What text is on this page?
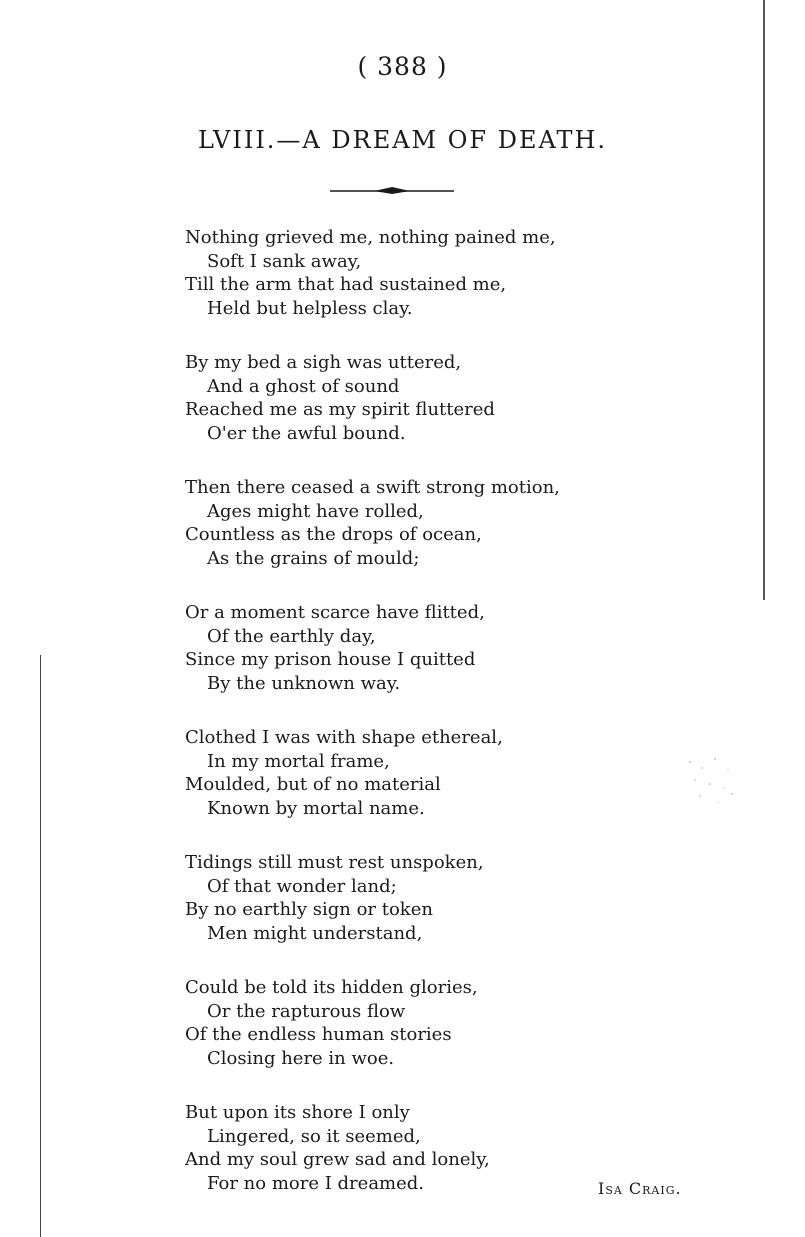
( 388 )
LVIII.—A DREAM OF DEATH.
Nothing grieved me, nothing pained me,
Soft I sank away,
Till the arm that had sustained me,
Held but helpless clay.
By my bed a sigh was uttered,
And a ghost of sound
Reached me as my spirit fluttered
O'er the awful bound.
Then there ceased a swift strong motion,
Ages might have rolled,
Countless as the drops of ocean,
As the grains of mould;
Or a moment scarce have flitted,
Of the earthly day,
Since my prison house I quitted
By the unknown way.
Clothed I was with shape ethereal,
In my mortal frame,
Moulded, but of no material
Known by mortal name.
Tidings still must rest unspoken,
Of that wonder land;
By no earthly sign or token
Men might understand,
Could be told its hidden glories,
Or the rapturous flow
Of the endless human stories
Closing here in woe.
But upon its shore I only
Lingered, so it seemed,
And my soul grew sad and lonely,
For no more I dreamed.	Isa Craig.
